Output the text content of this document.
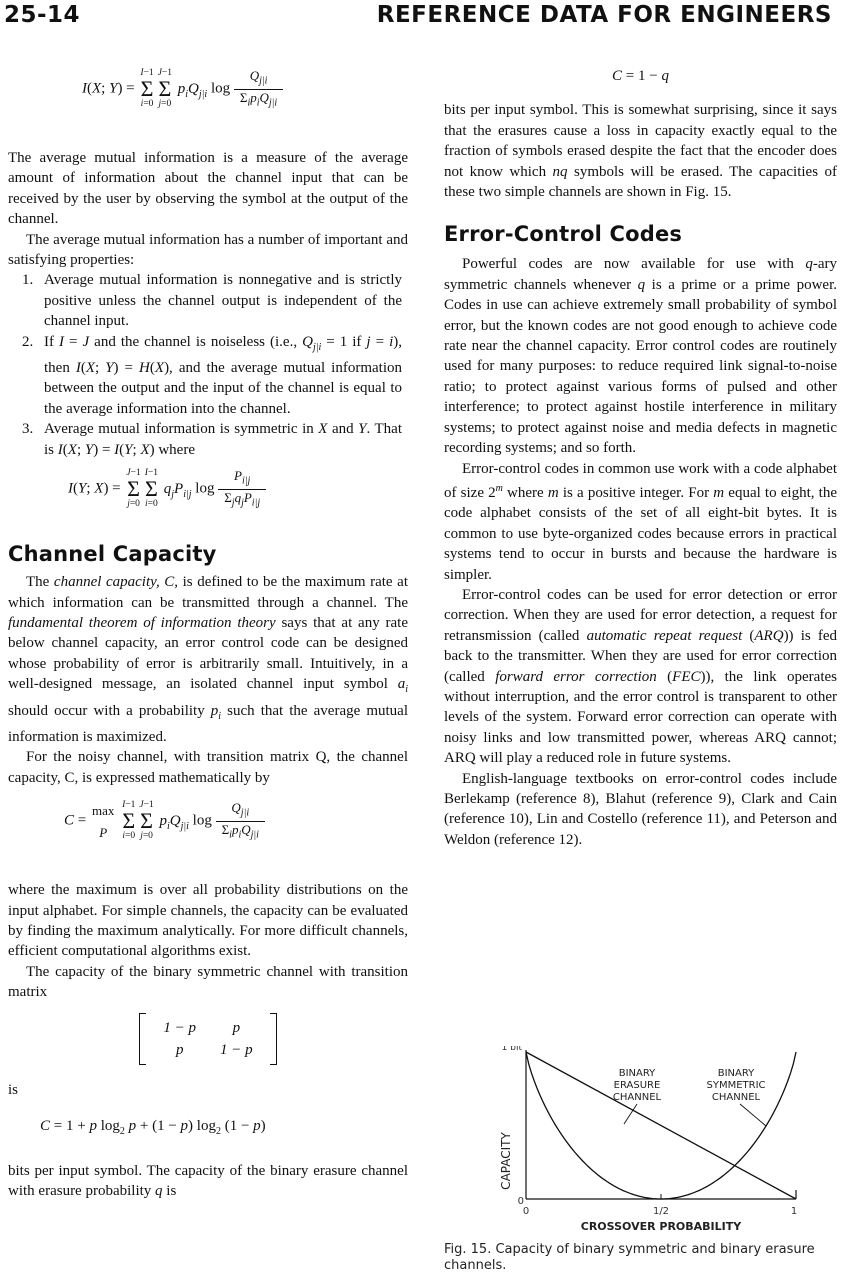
25-14	REFERENCE DATA FOR ENGINEERS
I(X; Y) =
I−1
Σ
i=0
J−1
Σ
j=0
$p_iQ_{j|i}$ $\log \frac{Q_{j|i}}{\Sigma_ip_iQ_{j|i}}$

The average mutual information is a measure of the average amount of information about the channel input that can be received by the user by observing the symbol at the output of the channel.

The average mutual information has a number of important and satisfying properties:

1. Average mutual information is nonnegative and is strictly positive unless the channel output is independent of the channel input.
2. If I = J and the channel is noiseless (i.e., $Q_{j|i} = 1$ if j = i), then I(X; Y) = H(X), and the average mutual information between the output and the input of the channel is equal to the average information into the channel.
3. Average mutual information is symmetric in X and Y. That is I(X; Y) = I(Y; X) where
I(Y; X) =
J−1
Σ
j=0
I−1
Σ
i=0
$q_jP_{i|j}$ $\log \frac{P_{i|j}}{\Sigma_jq_jP_{i|j}}$
Channel Capacity

The channel capacity, C, is defined to be the maximum rate at which information can be transmitted through a channel. The fundamental theorem of information theory says that at any rate below channel capacity, an error control code can be designed whose probability of error is arbitrarily small. Intuitively, in a well-designed message, an isolated channel input symbol $a_i$ should occur with a probability $p_i$ such that the average mutual information is maximized.

For the noisy channel, with transition matrix Q, the channel capacity, C, is expressed mathematically by

C =
max

P

I−1
Σ
i=0
J−1
Σ
j=0
$p_iQ_{j|i}$ $\log \frac{Q_{j|i}}{\Sigma_ip_iQ_{j|i}}$

where the maximum is over all probability distributions on the input alphabet. For simple channels, the capacity can be evaluated by finding the maximum analytically. For more difficult channels, efficient computational algorithms exist.

The capacity of the binary symmetric channel with transition matrix

1 − p	p
p	1 − p

is

C = 1 + p $\log_2 p + (1 - p)$ $\log_2 (1 - p)$

bits per input symbol. The capacity of the binary erasure channel with erasure probability q is

C = 1 − q

bits per input symbol. This is somewhat surprising, since it says that the erasures cause a loss in capacity exactly equal to the fraction of symbols erased despite the fact that the encoder does not know which nq symbols will be erased. The capacities of these two simple channels are shown in Fig. 15.

Error-Control Codes

Powerful codes are now available for use with q-ary symmetric channels whenever q is a prime or a prime power. Codes in use can achieve extremely small probability of symbol error, but the known codes are not good enough to achieve code rate near the channel capacity. Error control codes are routinely used for many purposes: to reduce required link signal-to-noise ratio; to protect against various forms of pulsed and other interference; to protect against hostile interference in military systems; to protect against noise and media defects in magnetic recording systems; and so forth.

Error-control codes in common use work with a code alphabet of size 2$^m$ where m is a positive integer. For m equal to eight, the code alphabet consists of the set of all eight-bit bytes. It is common to use byte-organized codes because errors in practical systems tend to occur in bursts and because the hardware is simpler.

Error-control codes can be used for error detection or error correction. When they are used for error detection, a request for retransmission (called automatic repeat request (ARQ)) is fed back to the transmitter. When they are used for error correction (called forward error correction (FEC)), the link operates without interruption, and the error control is transparent to other levels of the system. Forward error correction can operate with noisy links and low transmitted power, whereas ARQ cannot; ARQ will play a reduced role in future systems.

English-language textbooks on error-control codes include Berlekamp (reference 8), Blahut (reference 9), Clark and Cain (reference 10), Lin and Costello (reference 11), and Peterson and Weldon (reference 12).

CAPACITY
1 bit
0
0	1/2	1
CROSSOVER PROBABILITY
BINARY
ERASURE
CHANNEL
BINARY
SYMMETRIC
CHANNEL
Fig. 15. Capacity of binary symmetric and binary erasure channels.
